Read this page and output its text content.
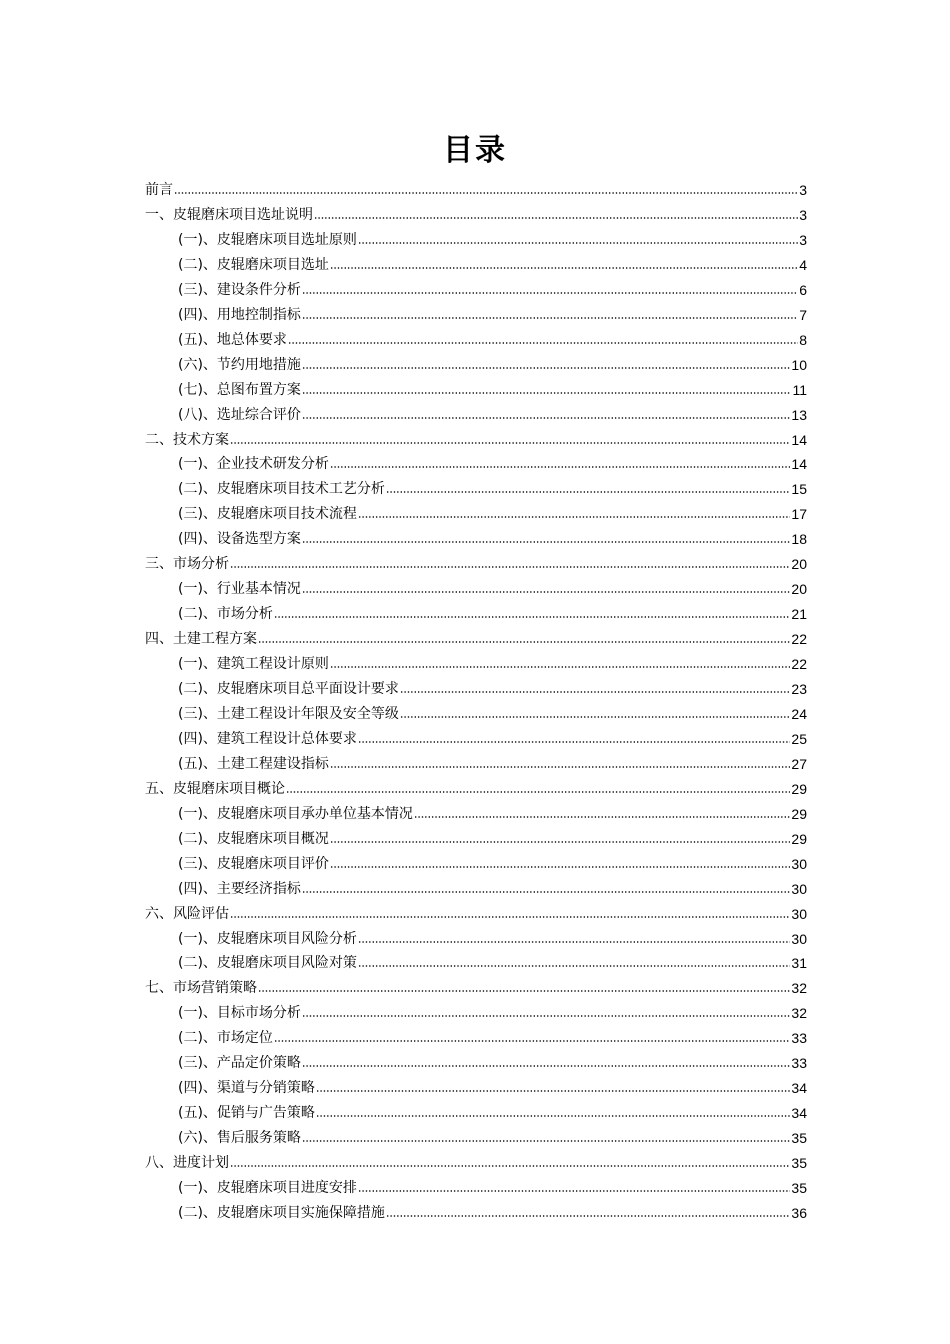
目录
前言	3
一、皮辊磨床项目选址说明	3
(一)、皮辊磨床项目选址原则	3
(二)、皮辊磨床项目选址	4
(三)、建设条件分析	6
(四)、用地控制指标	7
(五)、地总体要求	8
(六)、节约用地措施	10
(七)、总图布置方案	11
(八)、选址综合评价	13
二、技术方案	14
(一)、企业技术研发分析	14
(二)、皮辊磨床项目技术工艺分析	15
(三)、皮辊磨床项目技术流程	17
(四)、设备选型方案	18
三、市场分析	20
(一)、行业基本情况	20
(二)、市场分析	21
四、土建工程方案	22
(一)、建筑工程设计原则	22
(二)、皮辊磨床项目总平面设计要求	23
(三)、土建工程设计年限及安全等级	24
(四)、建筑工程设计总体要求	25
(五)、土建工程建设指标	27
五、皮辊磨床项目概论	29
(一)、皮辊磨床项目承办单位基本情况	29
(二)、皮辊磨床项目概况	29
(三)、皮辊磨床项目评价	30
(四)、主要经济指标	30
六、风险评估	30
(一)、皮辊磨床项目风险分析	30
(二)、皮辊磨床项目风险对策	31
七、市场营销策略	32
(一)、目标市场分析	32
(二)、市场定位	33
(三)、产品定价策略	33
(四)、渠道与分销策略	34
(五)、促销与广告策略	34
(六)、售后服务策略	35
八、进度计划	35
(一)、皮辊磨床项目进度安排	35
(二)、皮辊磨床项目实施保障措施	36
